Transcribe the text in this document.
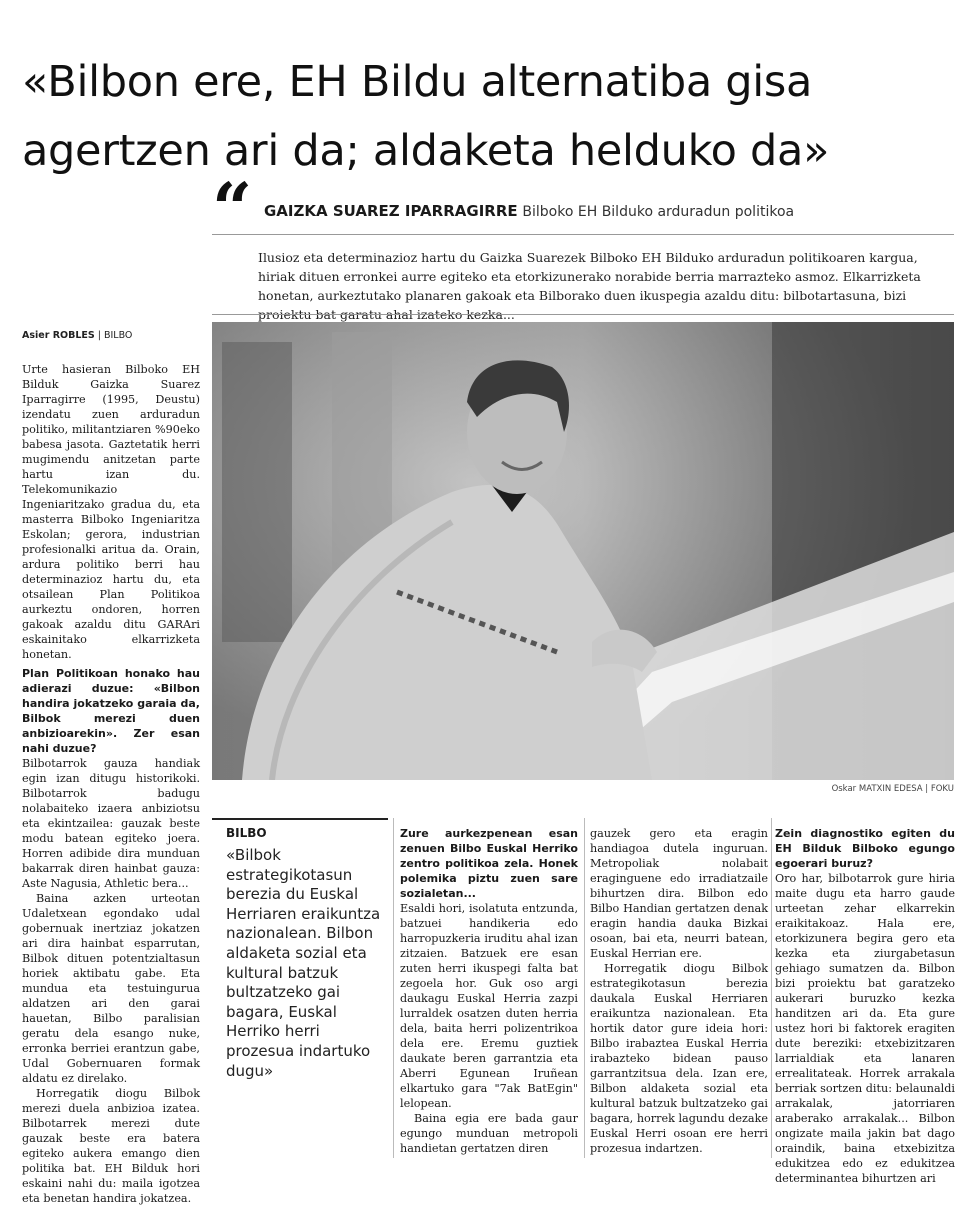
«Bilbon ere, EH Bildu alternatiba gisa agertzen ari da; aldaketa helduko da»
“ GAIZKA SUAREZ IPARRAGIRRE Bilboko EH Bilduko arduradun politikoa

Ilusioz eta determinazioz hartu du Gaizka Suarezek Bilboko EH Bilduko arduradun politikoaren kargua, hiriak dituen erronkei aurre egiteko eta etorkizunerako norabide berria marrazteko asmoz. Elkarrizketa honetan, aurkeztutako planaren gakoak eta Bilborako duen ikuspegia azaldu ditu: bilbotartasuna, bizi proiektu bat garatu ahal izateko kezka...

Asier ROBLES | BILBO
Oskar MATXIN EDESA | FOKU

Urte hasieran Bilboko EH Bilduk Gaizka Suarez Iparragirre (1995, Deustu) izendatu zuen arduradun politiko, militantziaren %90eko babesa jasota. Gaztetatik herri mugimendu anitzetan parte hartu izan du. Telekomunikazio Ingeniaritzako gradua du, eta masterra Bilboko Ingeniaritza Eskolan; gerora, industrian profesionalki aritua da. Orain, ardura politiko berri hau determinazioz hartu du, eta otsailean Plan Politikoa aurkeztu ondoren, horren gakoak azaldu ditu GARAri eskainitako elkarrizketa honetan.

Plan Politikoan honako hau adierazi duzue: «Bilbon handira jokatzeko garaia da, Bilbok merezi duen anbizioarekin». Zer esan nahi duzue?

Bilbotarrok gauza handiak egin izan ditugu historikoki. Bilbotarrok badugu nolabaiteko izaera anbiziotsu eta ekintzailea: gauzak beste modu batean egiteko joera. Horren adibide dira munduan bakarrak diren hainbat gauza: Aste Nagusia, Athletic bera...

Baina azken urteotan Udaletxean egondako udal gobernuak inertziaz jokatzen ari dira hainbat esparrutan, Bilbok dituen potentzialtasun horiek aktibatu gabe. Eta mundua eta testuingurua aldatzen ari den garai hauetan, Bilbo paralisian geratu dela esango nuke, erronka berriei erantzun gabe, Udal Gobernuaren formak aldatu ez direlako.

Horregatik diogu Bilbok merezi duela anbizioa izatea. Bilbotarrek merezi dute gauzak beste era batera egiteko aukera emango dien politika bat. EH Bilduk hori eskaini nahi du: maila igotzea eta benetan handira jokatzea.

BILBO

«Bilbok estrategikotasun berezia du Euskal Herriaren eraikuntza nazionalean. Bilbon aldaketa sozial eta kultural batzuk bultzatzeko gai bagara, Euskal Herriko herri prozesua indartuko dugu»

Zure aurkezpenean esan zenuen Bilbo Euskal Herriko zentro politikoa zela. Honek polemika piztu zuen sare sozialetan...

Esaldi hori, isolatuta entzunda, batzuei handikeria edo harropuzkeria iruditu ahal izan zitzaien. Batzuek ere esan zuten herri ikuspegi falta bat zegoela hor. Guk oso argi daukagu Euskal Herria zazpi lurraldek osatzen duten herria dela, baita herri polizentrikoa dela ere. Eremu guztiek daukate beren garrantzia eta Aberri Egunean Iruñean elkartuko gara "7ak BatEgin" lelopean.

Baina egia ere bada gaur egungo munduan metropoli handietan gertatzen diren

gauzek gero eta eragin handiagoa dutela inguruan. Metropoliak nolabait eraginguene edo irradiatzaile bihurtzen dira. Bilbon edo Bilbo Handian gertatzen denak eragin handia dauka Bizkai osoan, bai eta, neurri batean, Euskal Herrian ere.

Horregatik diogu Bilbok estrategikotasun berezia daukala Euskal Herriaren eraikuntza nazionalean. Eta hortik dator gure ideia hori: Bilbo irabaztea Euskal Herria irabazteko bidean pauso garrantzitsua dela. Izan ere, Bilbon aldaketa sozial eta kultural batzuk bultzatzeko gai bagara, horrek lagundu dezake Euskal Herri osoan ere herri prozesua indartzen.

Zein diagnostiko egiten du EH Bilduk Bilboko egungo egoerari buruz?

Oro har, bilbotarrok gure hiria maite dugu eta harro gaude urteetan zehar elkarrekin eraikitakoaz. Hala ere, etorkizunera begira gero eta kezka eta ziurgabetasun gehiago sumatzen da. Bilbon bizi proiektu bat garatzeko aukerari buruzko kezka handitzen ari da. Eta gure ustez hori bi faktorek eragiten dute bereziki: etxebizitzaren larrialdiak eta lanaren errealitateak. Horrek arrakala berriak sortzen ditu: belaunaldi arrakalak, jatorriaren araberako arrakalak... Bilbon ongizate maila jakin bat dago oraindik, baina etxebizitza edukitzea edo ez edukitzea determinantea bihurtzen ari
